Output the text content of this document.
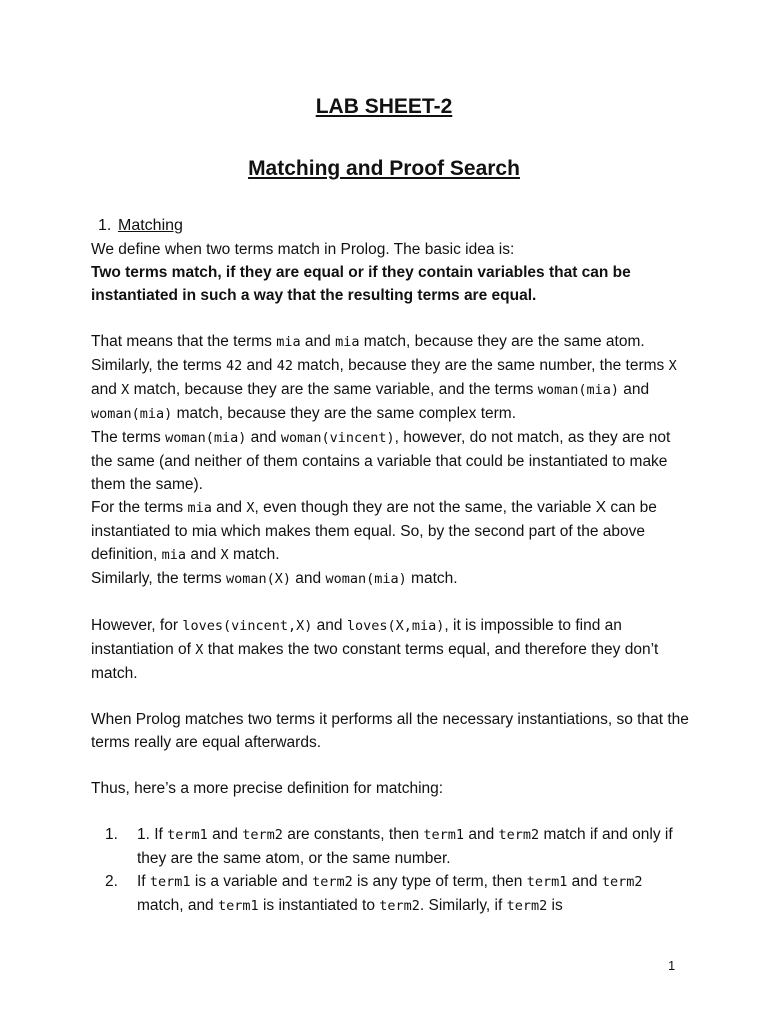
LAB SHEET-2
Matching and Proof Search
1. Matching

We define when two terms match in Prolog. The basic idea is:

Two terms match, if they are equal or if they contain variables that can be instantiated in such a way that the resulting terms are equal.

That means that the terms mia and mia match, because they are the same atom. Similarly, the terms 42 and 42 match, because they are the same number, the terms X and X match, because they are the same variable, and the terms woman(mia) and woman(mia) match, because they are the same complex term.

The terms woman(mia) and woman(vincent), however, do not match, as they are not the same (and neither of them contains a variable that could be instantiated to make them the same).

For the terms mia and X, even though they are not the same, the variable X can be instantiated to mia which makes them equal. So, by the second part of the above definition, mia and X match.

Similarly, the terms woman(X) and woman(mia) match.

However, for loves(vincent,X) and loves(X,mia), it is impossible to find an instantiation of X that makes the two constant terms equal, and therefore they don’t match.

When Prolog matches two terms it performs all the necessary instantiations, so that the terms really are equal afterwards.

Thus, here’s a more precise definition for matching:

1. 1. If term1 and term2 are constants, then term1 and term2 match if and only if they are the same atom, or the same number.
2. If term1 is a variable and term2 is any type of term, then term1 and term2 match, and term1 is instantiated to term2. Similarly, if term2 is
1
